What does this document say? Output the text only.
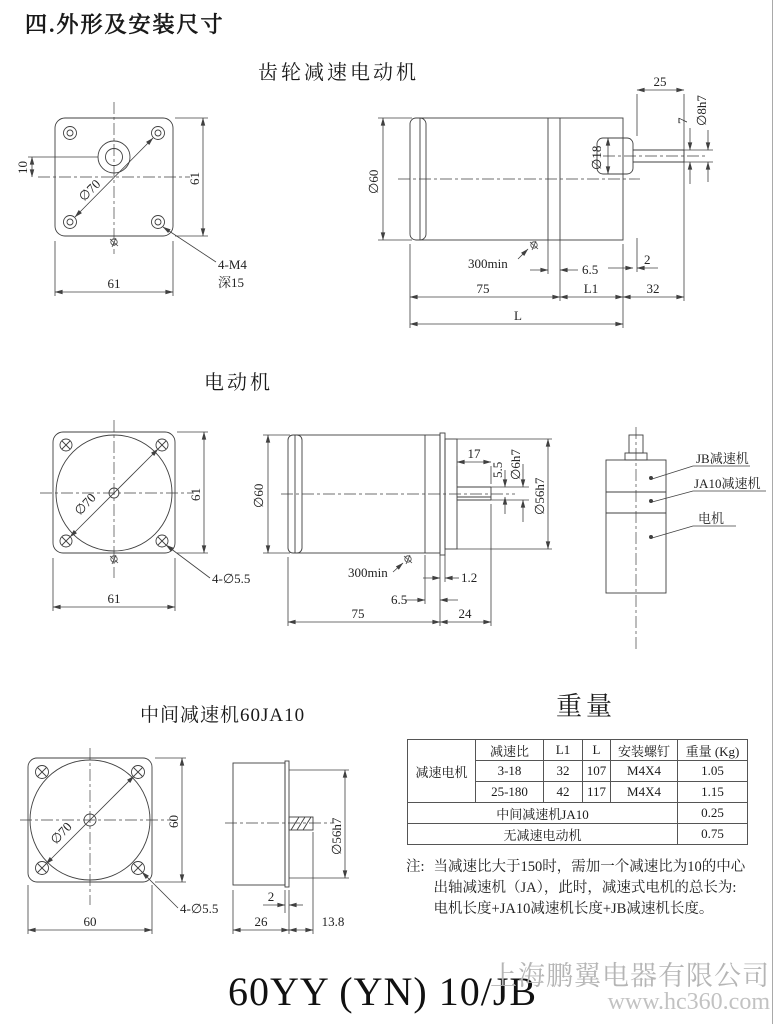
四.外形及安装尺寸
齿轮减速电动机
∅70
10
61
61
4-M4
深15
∅60
∅18
25
7 ∅8h7
300min	6.5
2
75	L1	32
L
电动机
∅70	61
61
4-∅5.5
∅60
17
5.5 ∅6h7
∅56h7
300min	1.2
6.5
75	24
JB减速机
JA10减速机
电机
中间减速机60JA10	重量
∅70	60
60
4-∅5.5
∅56h7
2
26	13.8
减速电机	减速比	L1	L	安装螺钉	重量 (Kg)
	3-18	32	107	M4X4	1.05
	25-180	42	117	M4X4	1.15
中间减速机JA10					0.25
无减速电动机					0.75
注: 当减速比大于150时，需加一个减速比为10的中心
出轴减速机（JA），此时，减速式电机的总长为:
电机长度+JA10减速机长度+JB减速机长度。
60YY (YN) 10/JB
上海鹏翼电器有限公司
www.hc360.com
